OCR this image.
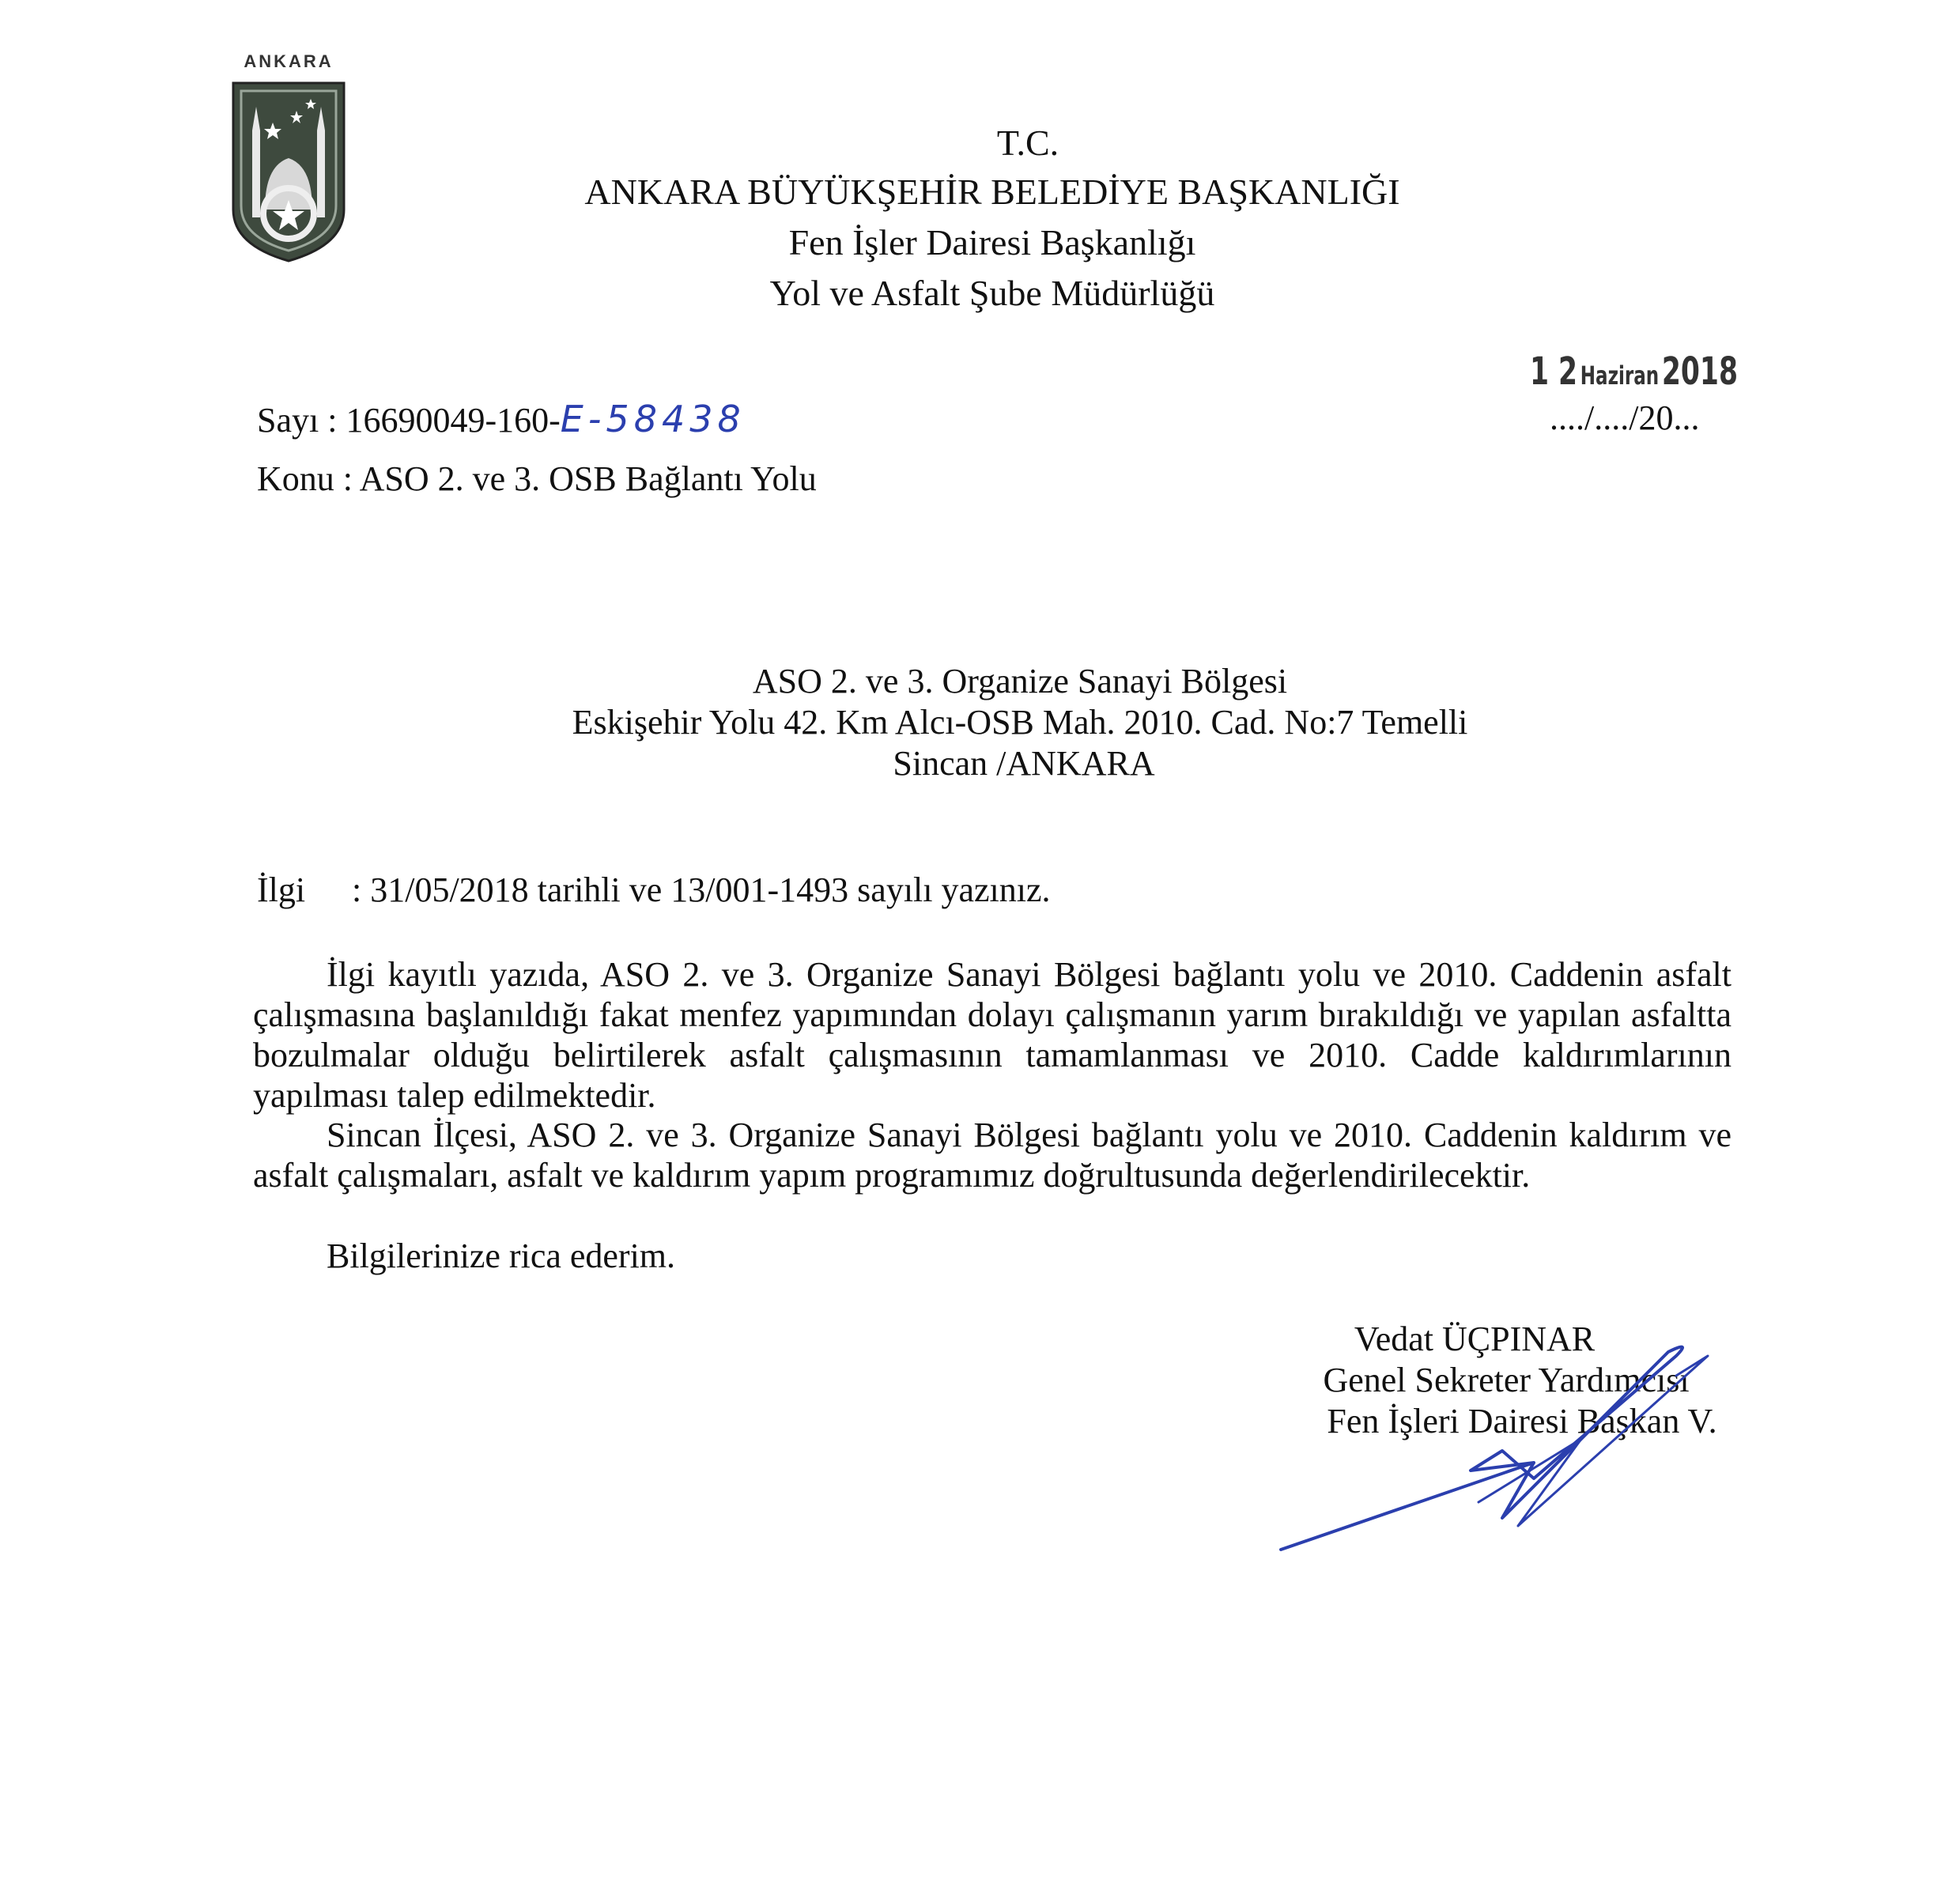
ANKARA
T.C.
ANKARA BÜYÜKŞEHİR BELEDİYE BAŞKANLIĞI
Fen İşler Dairesi Başkanlığı
Yol ve Asfalt Şube Müdürlüğü
1 2 Haziran 2018
..../..../20...
Sayı : 16690049-160-E-58438
Konu : ASO 2. ve 3. OSB Bağlantı Yolu
ASO 2. ve 3. Organize Sanayi Bölgesi
Eskişehir Yolu 42. Km Alcı-OSB Mah. 2010. Cad. No:7 Temelli
Sincan /ANKARA
İlgi : 31/05/2018 tarihli ve 13/001-1493 sayılı yazınız.
İlgi kayıtlı yazıda, ASO 2. ve 3. Organize Sanayi Bölgesi bağlantı yolu ve 2010. Caddenin asfalt çalışmasına başlanıldığı fakat menfez yapımından dolayı çalışmanın yarım bırakıldığı ve yapılan asfaltta bozulmalar olduğu belirtilerek asfalt çalışmasının tamamlanması ve 2010. Cadde kaldırımlarının yapılması talep edilmektedir.
Sincan İlçesi, ASO 2. ve 3. Organize Sanayi Bölgesi bağlantı yolu ve 2010. Caddenin kaldırım ve asfalt çalışmaları, asfalt ve kaldırım yapım programımız doğrultusunda değerlendirilecektir.
Bilgilerinize rica ederim.
Vedat ÜÇPINAR
Genel Sekreter Yardımcısı
Fen İşleri Dairesi Başkan V.
